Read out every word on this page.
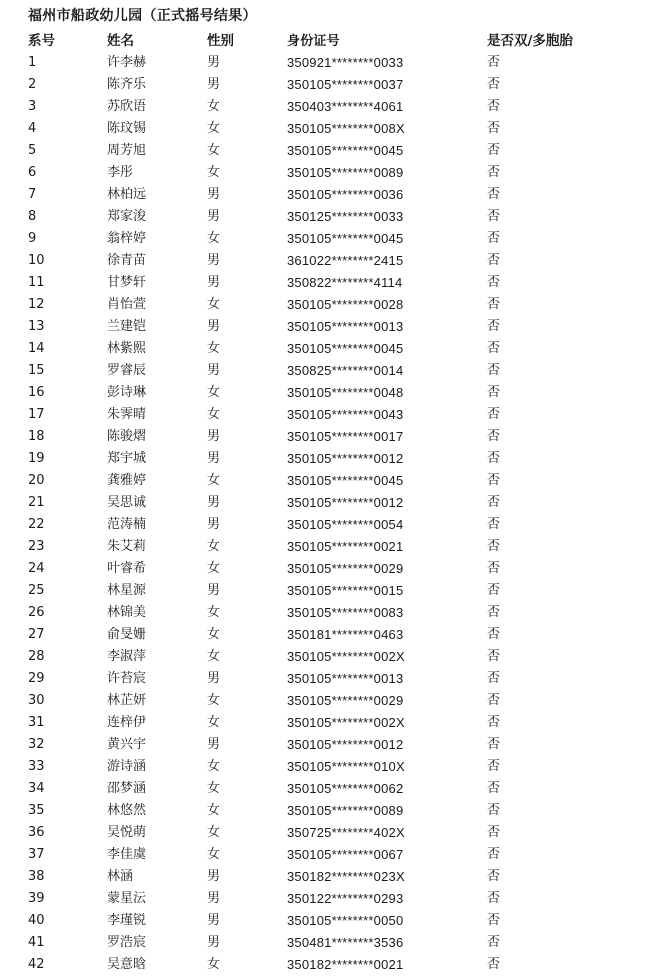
福州市船政幼儿园（正式摇号结果）
系号	姓名	性别	身份证号	是否双/多胞胎
1	许李赫	男	350921********0033	否
2	陈齐乐	男	350105********0037	否
3	苏欣语	女	350403********4061	否
4	陈玟锡	女	350105********008X	否
5	周芳旭	女	350105********0045	否
6	李彤	女	350105********0089	否
7	林柏远	男	350105********0036	否
8	郑家浚	男	350125********0033	否
9	翁梓婷	女	350105********0045	否
10	徐青苗	男	361022********2415	否
11	甘梦轩	男	350822********4114	否
12	肖怡萱	女	350105********0028	否
13	兰建铠	男	350105********0013	否
14	林紫熙	女	350105********0045	否
15	罗睿辰	男	350825********0014	否
16	彭诗琳	女	350105********0048	否
17	朱霁晴	女	350105********0043	否
18	陈骏熠	男	350105********0017	否
19	郑宇城	男	350105********0012	否
20	龚雅婷	女	350105********0045	否
21	吴思诚	男	350105********0012	否
22	范涛楠	男	350105********0054	否
23	朱艾莉	女	350105********0021	否
24	叶睿希	女	350105********0029	否
25	林星源	男	350105********0015	否
26	林锦美	女	350105********0083	否
27	俞旻姗	女	350181********0463	否
28	李淑萍	女	350105********002X	否
29	许苔宸	男	350105********0013	否
30	林芷妍	女	350105********0029	否
31	连梓伊	女	350105********002X	否
32	黄兴宇	男	350105********0012	否
33	游诗涵	女	350105********010X	否
34	邵梦涵	女	350105********0062	否
35	林悠然	女	350105********0089	否
36	吴悦萌	女	350725********402X	否
37	李佳虞	女	350105********0067	否
38	林涵	男	350182********023X	否
39	蒙星沄	男	350122********0293	否
40	李瑾锐	男	350105********0050	否
41	罗浩宸	男	350481********3536	否
42	吴意晗	女	350182********0021	否
